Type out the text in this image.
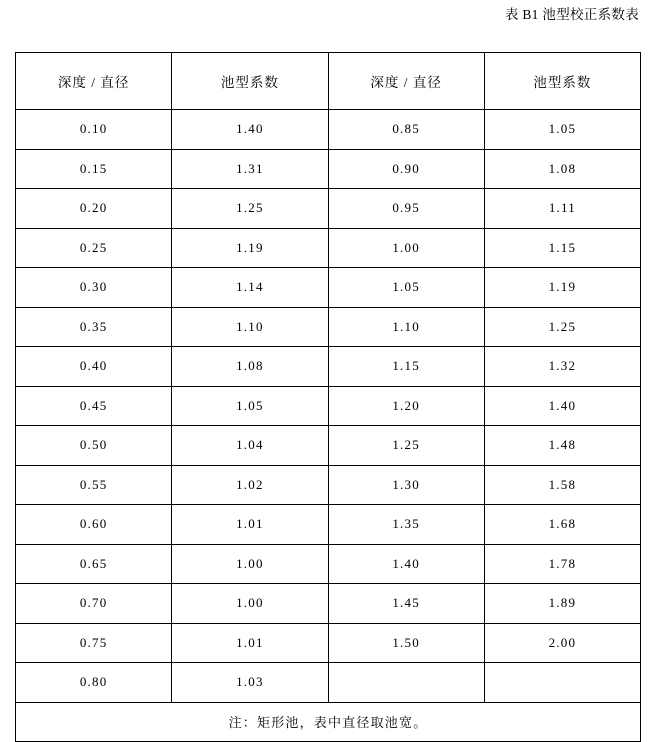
表 B1 池型校正系数表
深度 / 直径	池型系数	深度 / 直径	池型系数

0.10	1.40	0.85	1.05
0.15	1.31	0.90	1.08
0.20	1.25	0.95	1.11
0.25	1.19	1.00	1.15
0.30	1.14	1.05	1.19
0.35	1.10	1.10	1.25
0.40	1.08	1.15	1.32
0.45	1.05	1.20	1.40
0.50	1.04	1.25	1.48
0.55	1.02	1.30	1.58
0.60	1.01	1.35	1.68
0.65	1.00	1.40	1.78
0.70	1.00	1.45	1.89
0.75	1.01	1.50	2.00
0.80	1.03		
注：矩形池，表中直径取池宽。			
